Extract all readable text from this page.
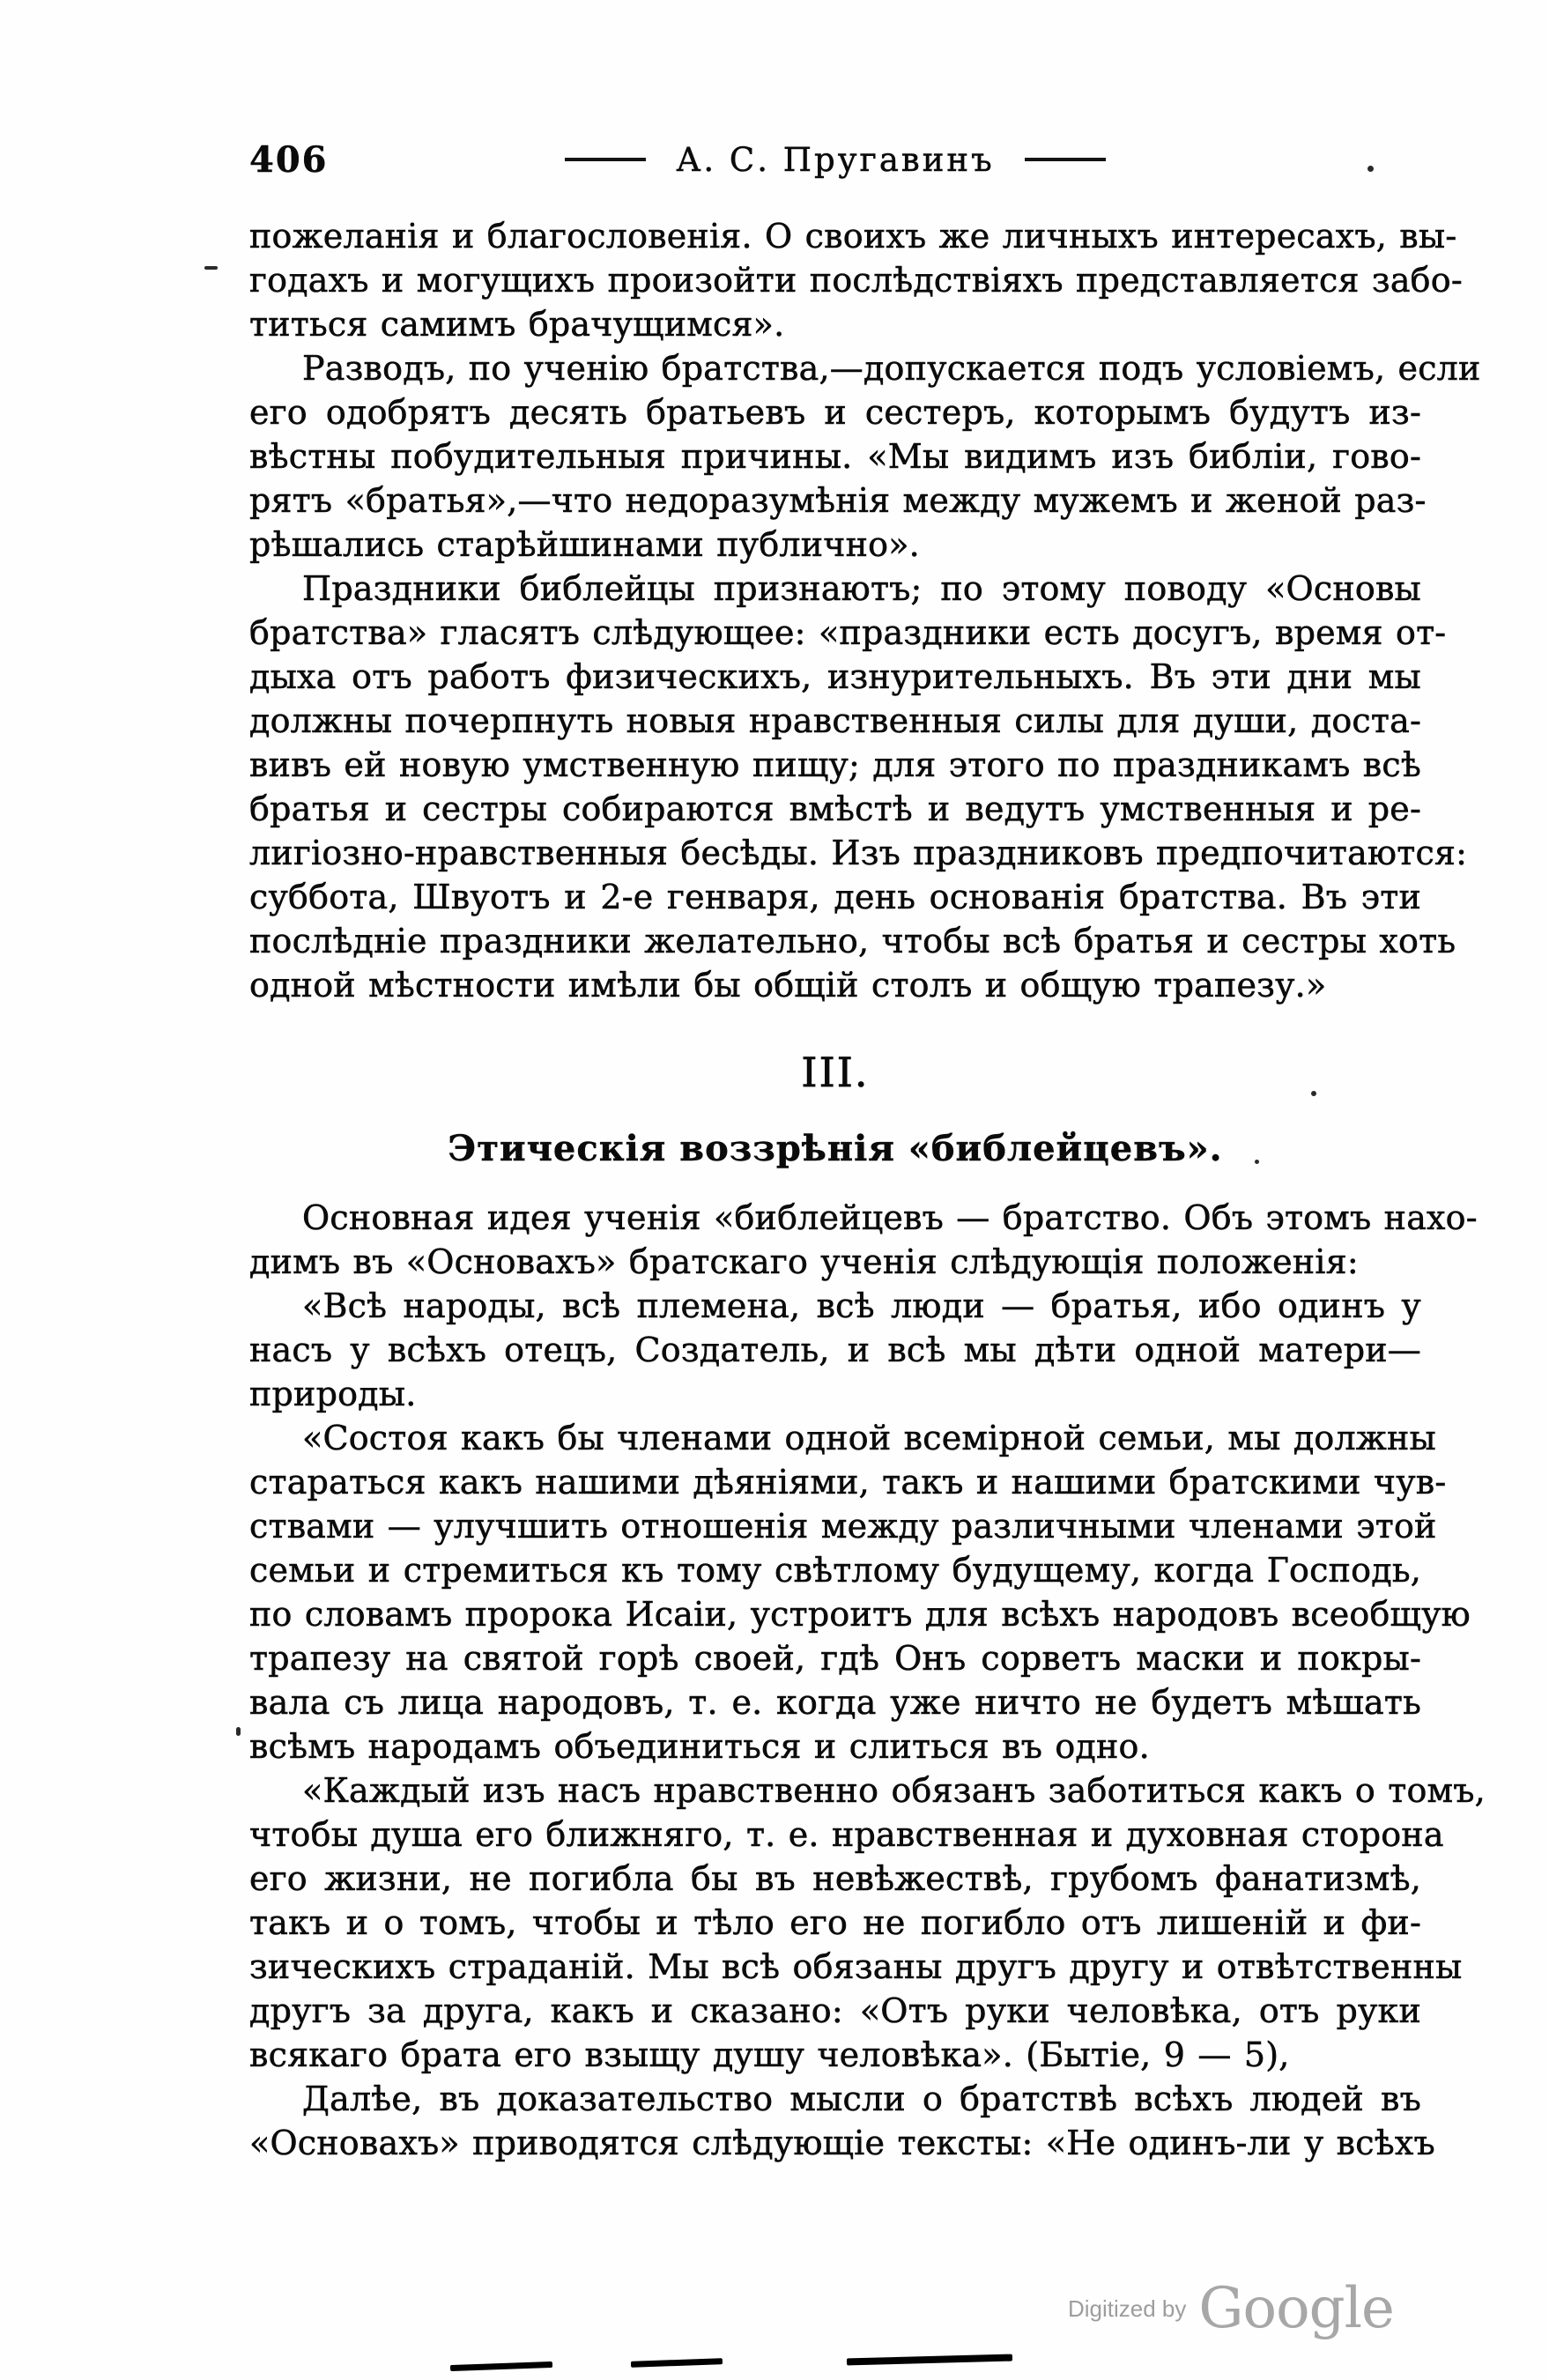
406	А. С. Пругавинъ
пожеланія и благословенія. О своихъ же личныхъ интересахъ, вы-
годахъ и могущихъ произойти послѣдствіяхъ представляется забо-
титься самимъ брачущимся».
Разводъ, по ученію братства,—допускается подъ условіемъ, если
его одобрятъ десять братьевъ и сестеръ, которымъ будутъ из-
вѣстны побудительныя причины. «Мы видимъ изъ библіи, гово-
рятъ «братья»,—что недоразумѣнія между мужемъ и женой раз-
рѣшались старѣйшинами публично».
Праздники библейцы признаютъ; по этому поводу «Основы
братства» гласятъ слѣдующее: «праздники есть досугъ, время от-
дыха отъ работъ физическихъ, изнурительныхъ. Въ эти дни мы
должны почерпнуть новыя нравственныя силы для души, доста-
вивъ ей новую умственную пищу; для этого по праздникамъ всѣ
братья и сестры собираются вмѣстѣ и ведутъ умственныя и ре-
лигіозно-нравственныя бесѣды. Изъ праздниковъ предпочитаются:
суббота, Швуотъ и 2-е генваря, день основанія братства. Въ эти
послѣдніе праздники желательно, чтобы всѣ братья и сестры хоть
одной мѣстности имѣли бы общій столъ и общую трапезу.»
III.
Этическія воззрѣнія «библейцевъ».
Основная идея ученія «библейцевъ — братство. Объ этомъ нахо-
димъ въ «Основахъ» братскаго ученія слѣдующія положенія:
«Всѣ народы, всѣ племена, всѣ люди — братья, ибо одинъ у
насъ у всѣхъ отецъ, Создатель, и всѣ мы дѣти одной матери—
природы.
«Состоя какъ бы членами одной всемірной семьи, мы должны
стараться какъ нашими дѣяніями, такъ и нашими братскими чув-
ствами — улучшить отношенія между различными членами этой
семьи и стремиться къ тому свѣтлому будущему, когда Господь,
по словамъ пророка Исаіи, устроитъ для всѣхъ народовъ всеобщую
трапезу на святой горѣ своей, гдѣ Онъ сорветъ маски и покры-
вала съ лица народовъ, т. е. когда уже ничто не будетъ мѣшать
всѣмъ народамъ объединиться и слиться въ одно.
«Каждый изъ насъ нравственно обязанъ заботиться какъ о томъ,
чтобы душа его ближняго, т. е. нравственная и духовная сторона
его жизни, не погибла бы въ невѣжествѣ, грубомъ фанатизмѣ,
такъ и о томъ, чтобы и тѣло его не погибло отъ лишеній и фи-
зическихъ страданій. Мы всѣ обязаны другъ другу и отвѣтственны
другъ за друга, какъ и сказано: «Отъ руки человѣка, отъ руки
всякаго брата его взыщу душу человѣка». (Бытіе, 9 — 5),
Далѣе, въ доказательство мысли о братствѣ всѣхъ людей въ
«Основахъ» приводятся слѣдующіе тексты: «Не одинъ-ли у всѣхъ
Digitized by Google
